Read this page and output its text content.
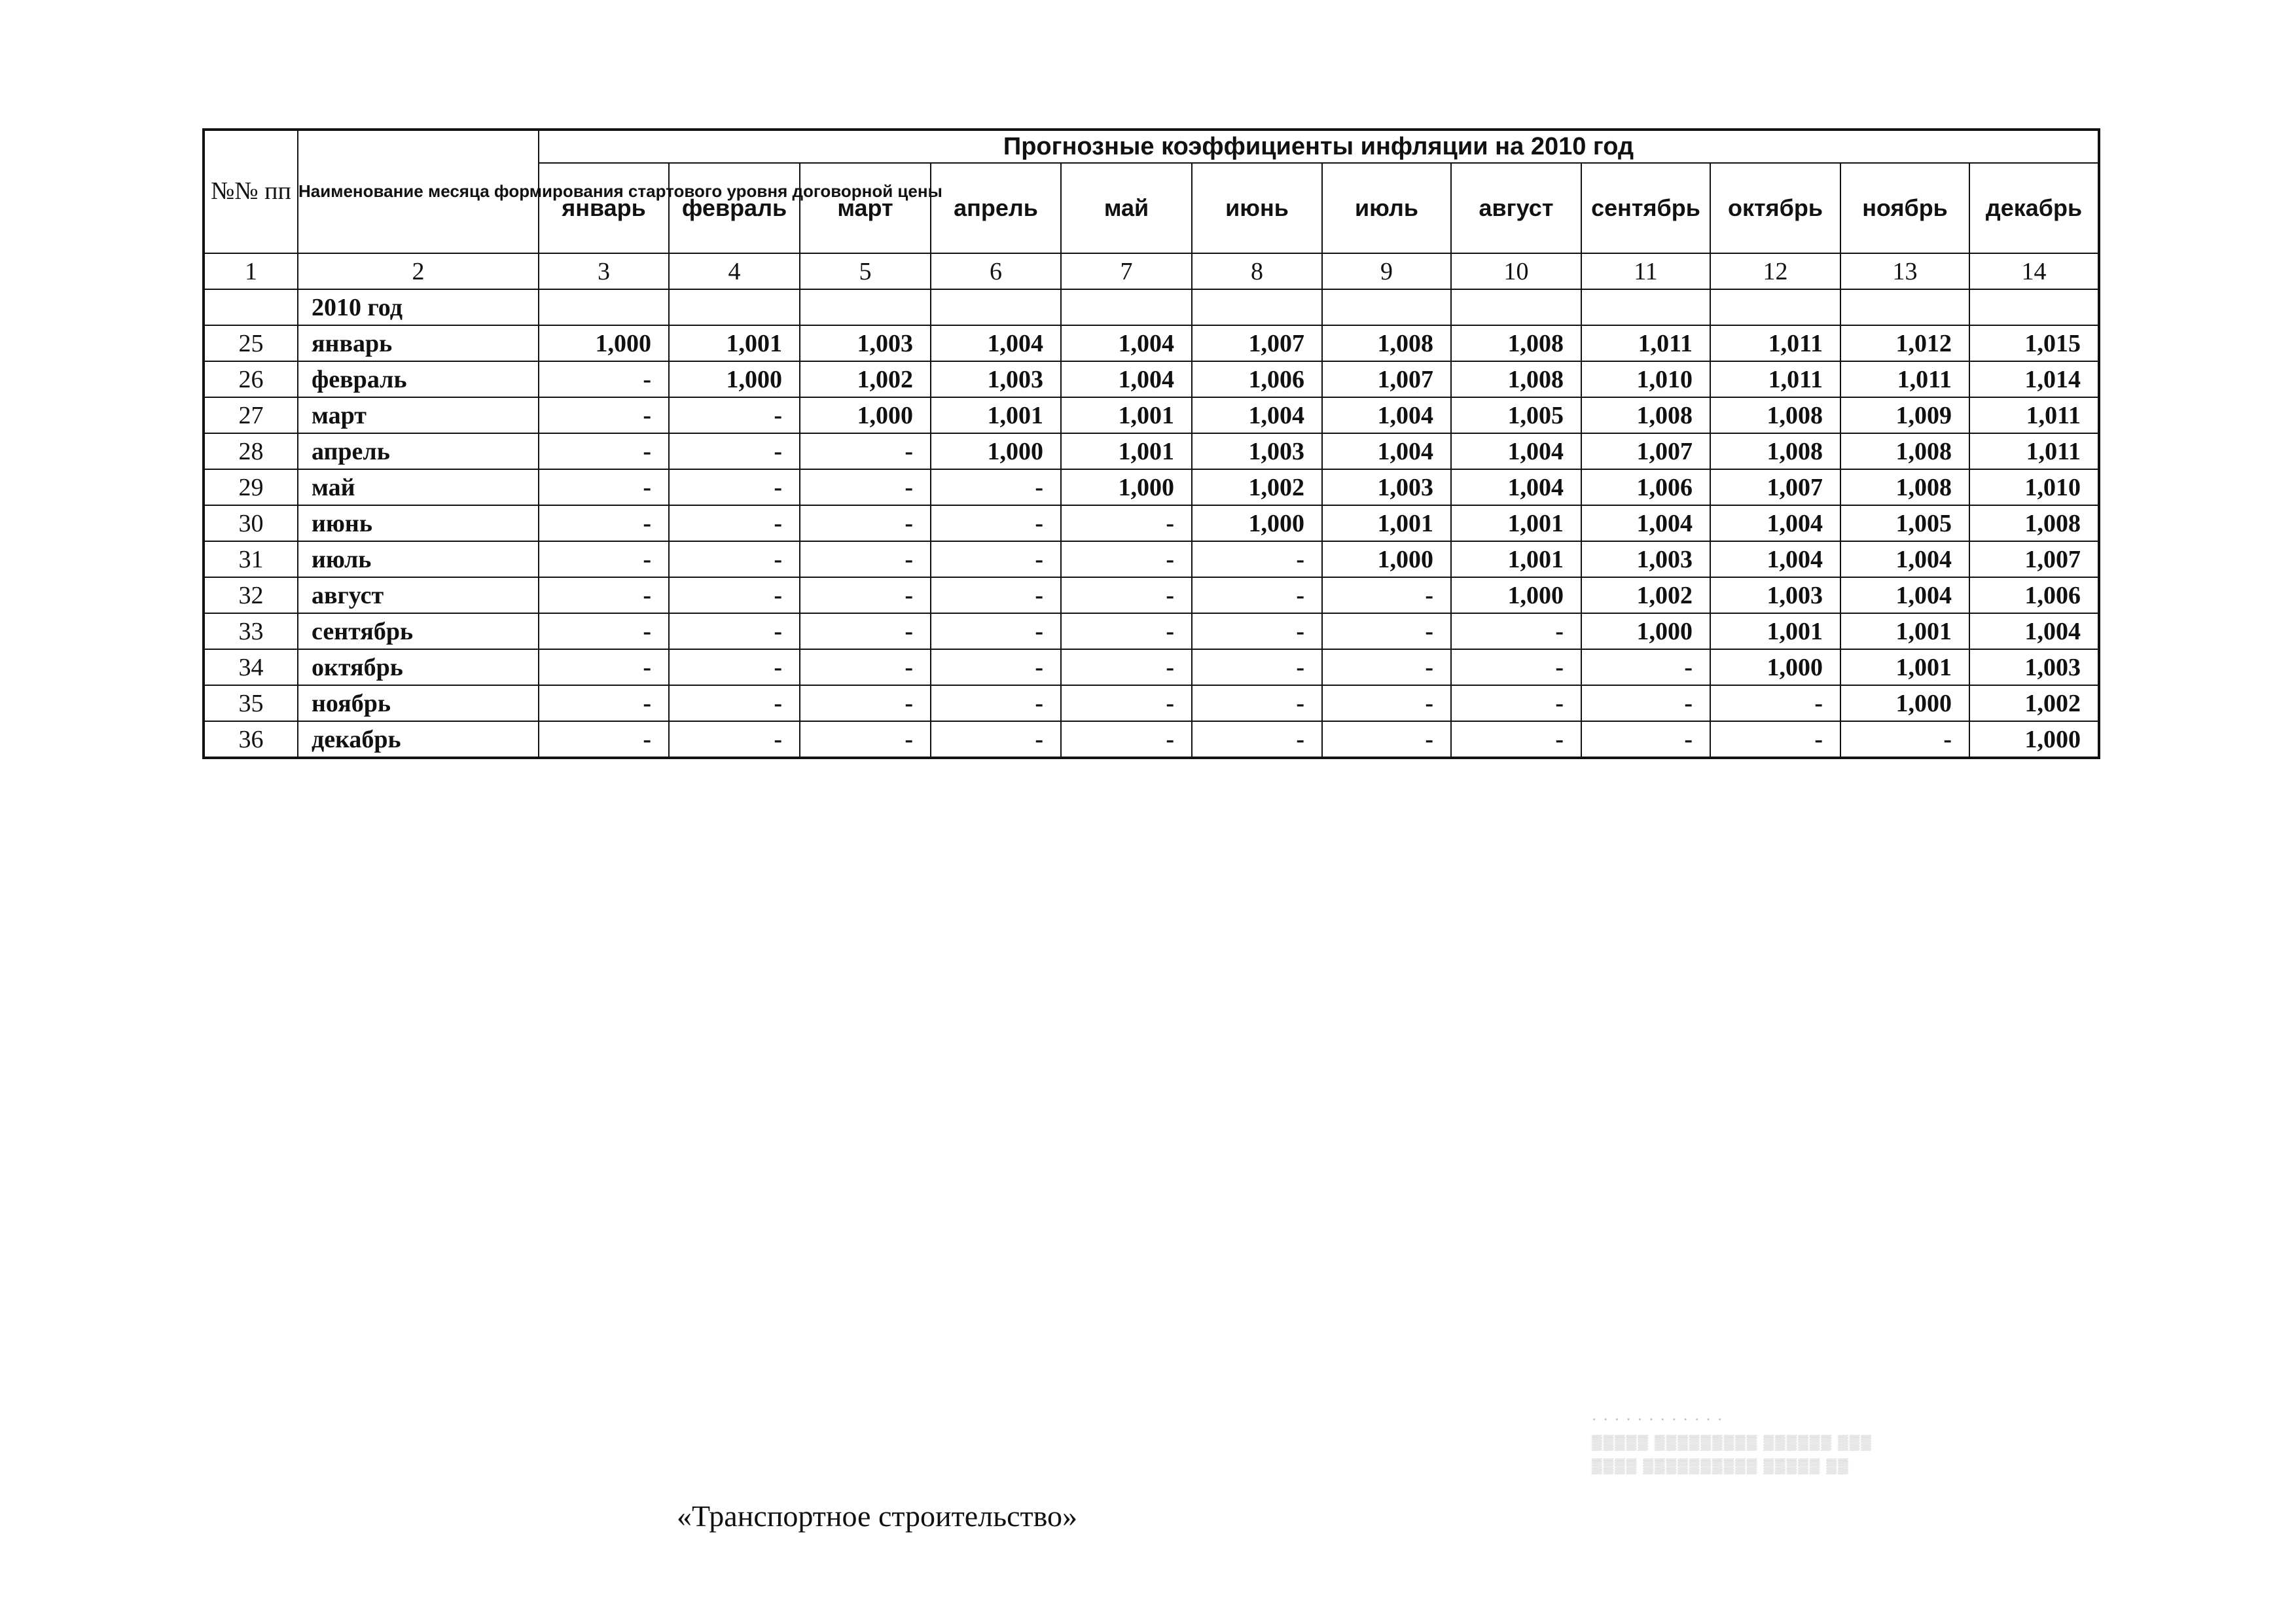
№№ пп	Наименование месяца формирования стартового уровня договорной цены	Прогнозные коэффициенты инфляции на 2010 год											
		январь	февраль	март	апрель	май	июнь	июль	август	сентябрь	октябрь	ноябрь	декабрь
1	2	3	4	5	6	7	8	9	10	11	12	13	14
	2010 год												
25	январь	1,000	1,001	1,003	1,004	1,004	1,007	1,008	1,008	1,011	1,011	1,012	1,015
26	февраль	-	1,000	1,002	1,003	1,004	1,006	1,007	1,008	1,010	1,011	1,011	1,014
27	март	-	-	1,000	1,001	1,001	1,004	1,004	1,005	1,008	1,008	1,009	1,011
28	апрель	-	-	-	1,000	1,001	1,003	1,004	1,004	1,007	1,008	1,008	1,011
29	май	-	-	-	-	1,000	1,002	1,003	1,004	1,006	1,007	1,008	1,010
30	июнь	-	-	-	-	-	1,000	1,001	1,001	1,004	1,004	1,005	1,008
31	июль	-	-	-	-	-	-	1,000	1,001	1,003	1,004	1,004	1,007
32	август	-	-	-	-	-	-	-	1,000	1,002	1,003	1,004	1,006
33	сентябрь	-	-	-	-	-	-	-	-	1,000	1,001	1,001	1,004
34	октябрь	-	-	-	-	-	-	-	-	-	1,000	1,001	1,003
35	ноябрь	-	-	-	-	-	-	-	-	-	-	1,000	1,002
36	декабрь	-	-	-	-	-	-	-	-	-	-	-	1,000
· · · · · · · · · · · ·
▒▒▒▒▒ ▒▒▒▒▒▒▒▒▒ ▒▒▒▒▒▒ ▒▒▒
▒▒▒▒ ▒▒▒▒▒▒▒▒▒▒ ▒▒▒▒▒ ▒▒
«Транспортное строительство»
